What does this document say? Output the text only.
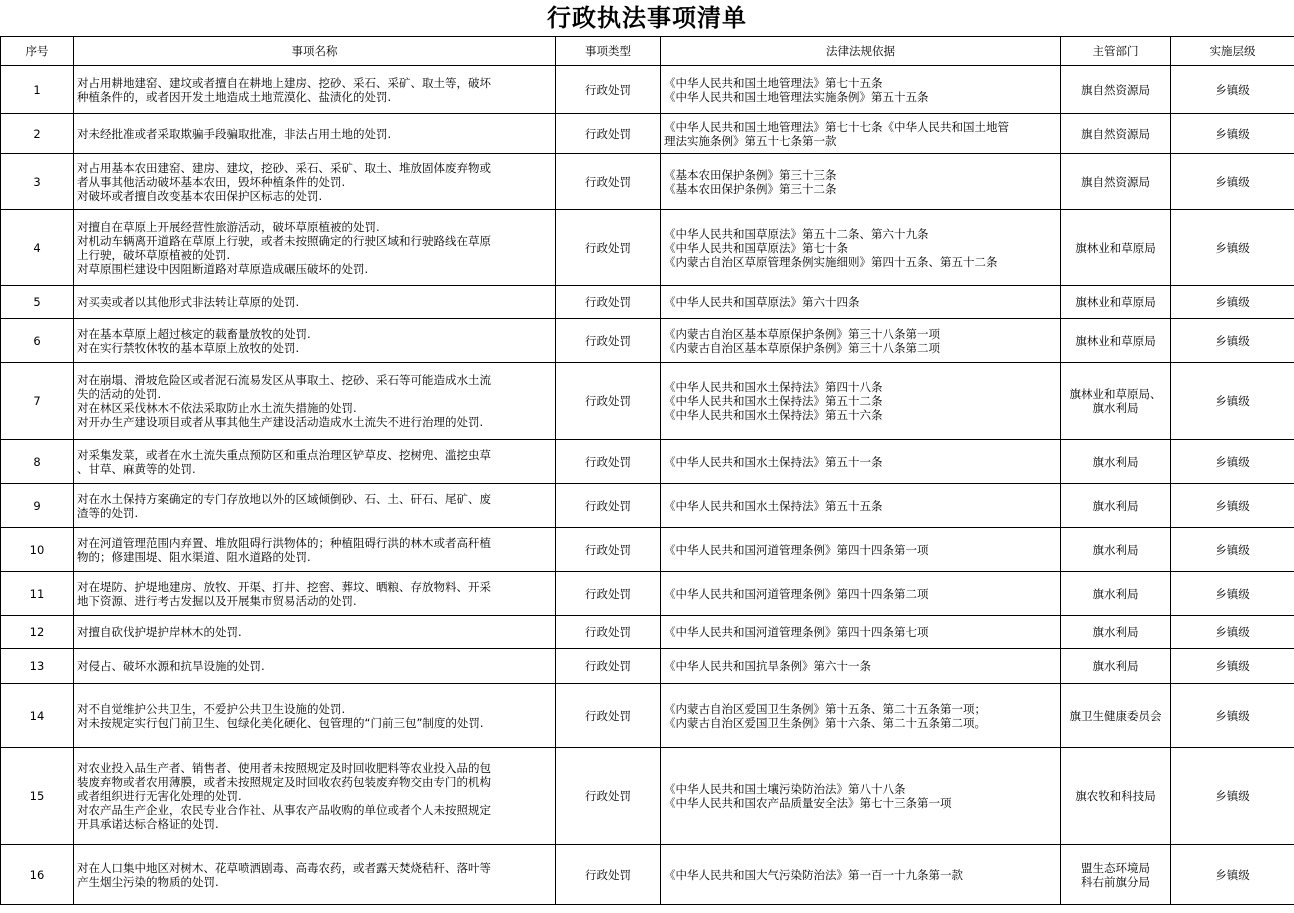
行政执法事项清单
序号	事项名称	事项类型	法律法规依据	主管部门	实施层级
1	对占用耕地建窑、建坟或者擅自在耕地上建房、挖砂、采石、采矿、取土等，破坏
种植条件的，或者因开发土地造成土地荒漠化、盐渍化的处罚.	行政处罚	《中华人民共和国土地管理法》第七十五条
《中华人民共和国土地管理法实施条例》第五十五条	旗自然资源局	乡镇级
2	对未经批准或者采取欺骗手段骗取批准，非法占用土地的处罚.	行政处罚	《中华人民共和国土地管理法》第七十七条《中华人民共和国土地管
理法实施条例》第五十七条第一款	旗自然资源局	乡镇级
3	对占用基本农田建窑、建房、建坟，挖砂、采石、采矿、取土、堆放固体废弃物或
者从事其他活动破坏基本农田，毁坏种植条件的处罚.
对破坏或者擅自改变基本农田保护区标志的处罚.	行政处罚	《基本农田保护条例》第三十三条
《基本农田保护条例》第三十二条	旗自然资源局	乡镇级
4	对擅自在草原上开展经营性旅游活动，破坏草原植被的处罚.
对机动车辆离开道路在草原上行驶，或者未按照确定的行驶区域和行驶路线在草原
上行驶，破坏草原植被的处罚.
对草原围栏建设中因阻断道路对草原造成碾压破坏的处罚.	行政处罚	《中华人民共和国草原法》第五十二条、第六十九条
《中华人民共和国草原法》第七十条
《内蒙古自治区草原管理条例实施细则》第四十五条、第五十二条	旗林业和草原局	乡镇级
5	对买卖或者以其他形式非法转让草原的处罚.	行政处罚	《中华人民共和国草原法》第六十四条	旗林业和草原局	乡镇级
6	对在基本草原上超过核定的载畜量放牧的处罚.
对在实行禁牧休牧的基本草原上放牧的处罚.	行政处罚	《内蒙古自治区基本草原保护条例》第三十八条第一项
《内蒙古自治区基本草原保护条例》第三十八条第二项	旗林业和草原局	乡镇级
7	对在崩塌、滑坡危险区或者泥石流易发区从事取土、挖砂、采石等可能造成水土流
失的活动的处罚.
对在林区采伐林木不依法采取防止水土流失措施的处罚.
对开办生产建设项目或者从事其他生产建设活动造成水土流失不进行治理的处罚.	行政处罚	《中华人民共和国水土保持法》第四十八条
《中华人民共和国水土保持法》第五十二条
《中华人民共和国水土保持法》第五十六条	旗林业和草原局、
旗水利局	乡镇级
8	对采集发菜，或者在水土流失重点预防区和重点治理区铲草皮、挖树兜、滥挖虫草
、甘草、麻黄等的处罚.	行政处罚	《中华人民共和国水土保持法》第五十一条	旗水利局	乡镇级
9	对在水土保持方案确定的专门存放地以外的区域倾倒砂、石、土、矸石、尾矿、废
渣等的处罚.	行政处罚	《中华人民共和国水土保持法》第五十五条	旗水利局	乡镇级
10	对在河道管理范围内弃置、堆放阻碍行洪物体的；种植阻碍行洪的林木或者高秆植
物的；修建围堤、阻水渠道、阻水道路的处罚.	行政处罚	《中华人民共和国河道管理条例》第四十四条第一项	旗水利局	乡镇级
11	对在堤防、护堤地建房、放牧、开渠、打井、挖窖、葬坟、晒粮、存放物料、开采
地下资源、进行考古发掘以及开展集市贸易活动的处罚.	行政处罚	《中华人民共和国河道管理条例》第四十四条第二项	旗水利局	乡镇级
12	对擅自砍伐护堤护岸林木的处罚.	行政处罚	《中华人民共和国河道管理条例》第四十四条第七项	旗水利局	乡镇级
13	对侵占、破坏水源和抗旱设施的处罚.	行政处罚	《中华人民共和国抗旱条例》第六十一条	旗水利局	乡镇级
14	对不自觉维护公共卫生，不爱护公共卫生设施的处罚.
对未按规定实行包门前卫生、包绿化美化硬化、包管理的“门前三包”制度的处罚.	行政处罚	《内蒙古自治区爱国卫生条例》第十五条、第二十五条第一项；
《内蒙古自治区爱国卫生条例》第十六条、第二十五条第二项。	旗卫生健康委员会	乡镇级
15	对农业投入品生产者、销售者、使用者未按照规定及时回收肥料等农业投入品的包
装废弃物或者农用薄膜，或者未按照规定及时回收农药包装废弃物交由专门的机构
或者组织进行无害化处理的处罚.
对农产品生产企业，农民专业合作社、从事农产品收购的单位或者个人未按照规定
开具承诺达标合格证的处罚.	行政处罚	《中华人民共和国土壤污染防治法》第八十八条
《中华人民共和国农产品质量安全法》第七十三条第一项	旗农牧和科技局	乡镇级
16	对在人口集中地区对树木、花草喷洒剧毒、高毒农药，或者露天焚烧秸秆、落叶等
产生烟尘污染的物质的处罚.	行政处罚	《中华人民共和国大气污染防治法》第一百一十九条第一款	盟生态环境局
科右前旗分局	乡镇级
